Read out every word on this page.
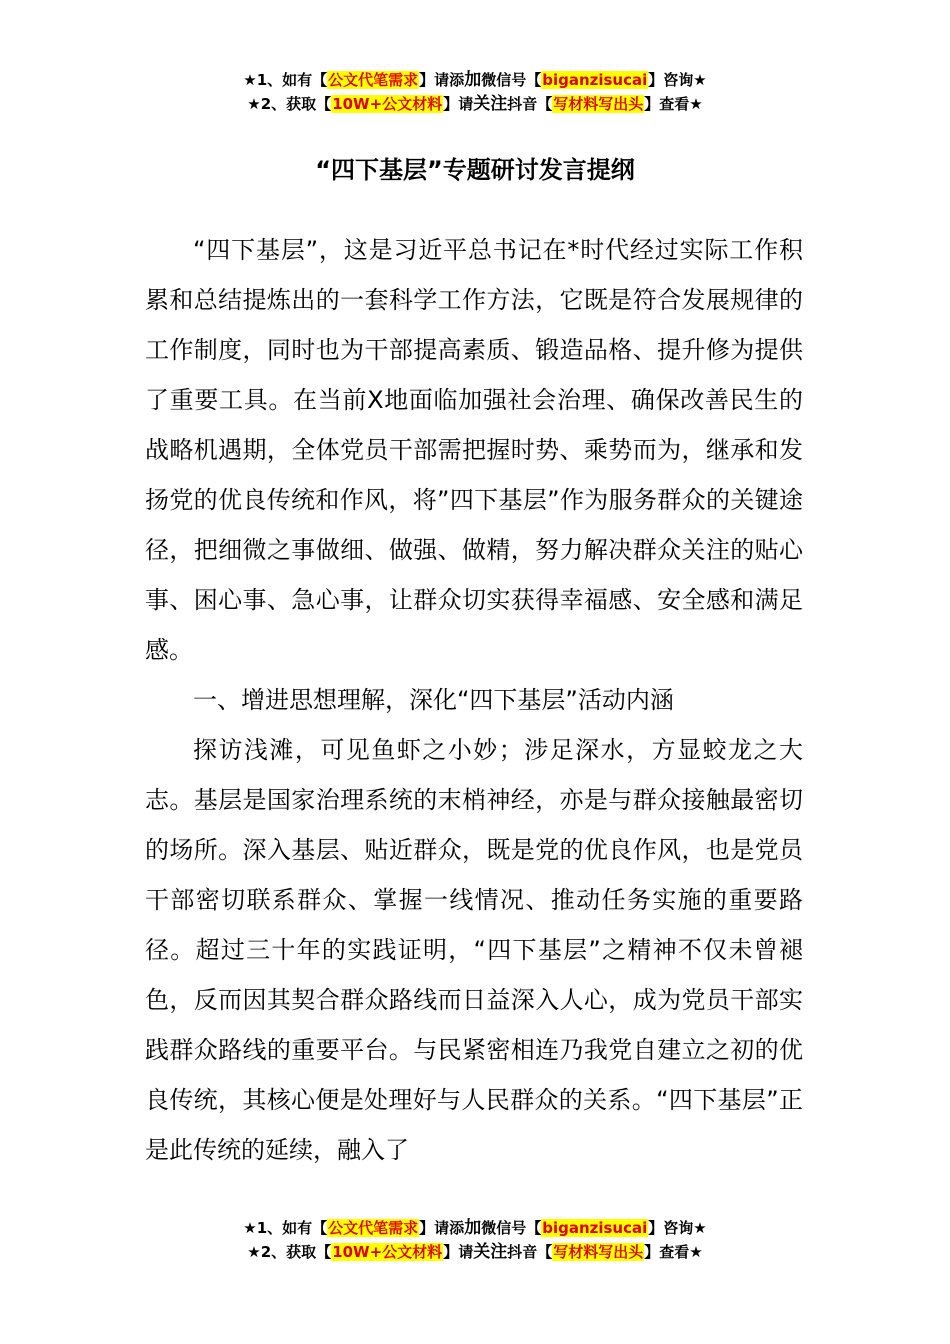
★1、如有【公文代笔需求】请添加微信号【biganzisucai】咨询★
★2、获取【10W+公文材料】请关注抖音【写材料写出头】查看★
“四下基层”专题研讨发言提纲

“四下基层”，这是习近平总书记在*时代经过实际工作积累和总结提炼出的一套科学工作方法，它既是符合发展规律的工作制度，同时也为干部提高素质、锻造品格、提升修为提供了重要工具。在当前X地面临加强社会治理、确保改善民生的战略机遇期，全体党员干部需把握时势、乘势而为，继承和发扬党的优良传统和作风，将”四下基层”作为服务群众的关键途径，把细微之事做细、做强、做精，努力解决群众关注的贴心事、困心事、急心事，让群众切实获得幸福感、安全感和满足感。

一、增进思想理解，深化“四下基层”活动内涵

探访浅滩，可见鱼虾之小妙；涉足深水，方显蛟龙之大志。基层是国家治理系统的末梢神经，亦是与群众接触最密切的场所。深入基层、贴近群众，既是党的优良作风，也是党员干部密切联系群众、掌握一线情况、推动任务实施的重要路径。超过三十年的实践证明，“四下基层”之精神不仅未曾褪色，反而因其契合群众路线而日益深入人心，成为党员干部实践群众路线的重要平台。与民紧密相连乃我党自建立之初的优良传统，其核心便是处理好与人民群众的关系。“四下基层”正是此传统的延续，融入了

★1、如有【公文代笔需求】请添加微信号【biganzisucai】咨询★
★2、获取【10W+公文材料】请关注抖音【写材料写出头】查看★
